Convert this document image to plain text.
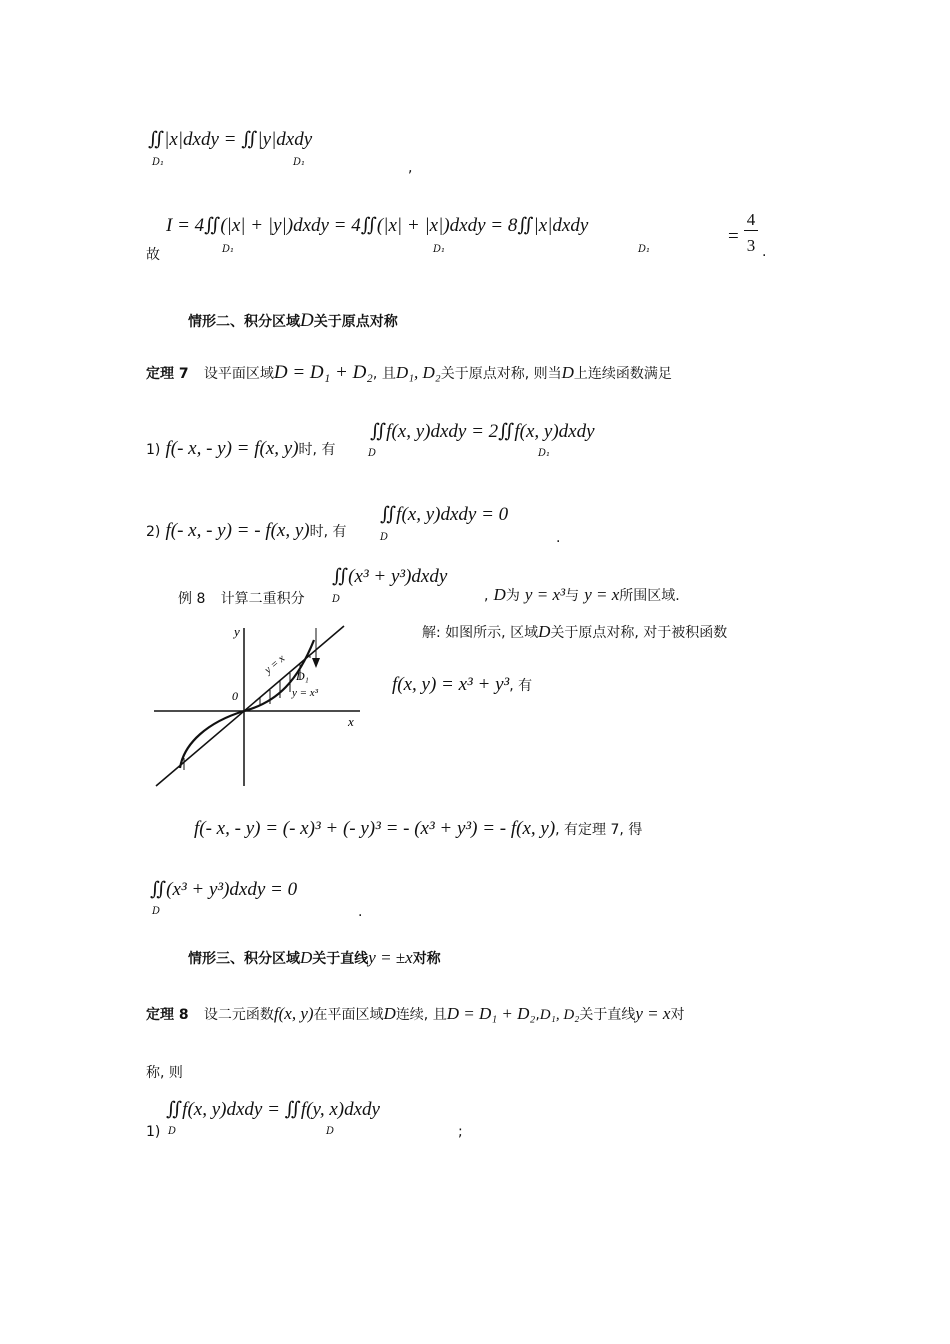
∬|x|dxdy = ∬|y|dxdy
D₁	D₁	,
故
I = 4∬(|x| + |y|)dxdy = 4∬(|x| + |x|)dxdy = 8∬|x|dxdy
D₁	D₁	D₁
=
4
3 .
情形二、积分区域D关于原点对称
定理 7 设平面区域D = D₁ + D₂, 且D₁, D₂关于原点对称, 则当D上连续函数满足
1) f(- x, - y) = f(x, y)时, 有
∬f(x, y)dxdy = 2∬f(x, y)dxdy
D	D₁
2) f(- x, - y) = - f(x, y)时, 有
∬f(x, y)dxdy = 0
D	.
例 8 计算二重积分
∬(x³ + y³)dxdy
D	, D为 y = x³与 y = x所围区域.
y
x
0
y = x D₁
y = x³
解: 如图所示, 区域D关于原点对称, 对于被积函数
f(x, y) = x³ + y³, 有
f(- x, - y) = (- x)³ + (- y)³ = - (x³ + y³) = - f(x, y), 有定理 7, 得
∬(x³ + y³)dxdy = 0
D	.
情形三、积分区域D关于直线y = ±x对称
定理 8 设二元函数f(x, y)在平面区域D连续, 且D = D₁ + D₂,D₁, D₂关于直线y = x对
称, 则
1)
∬f(x, y)dxdy = ∬f(y, x)dxdy
D	D	;
